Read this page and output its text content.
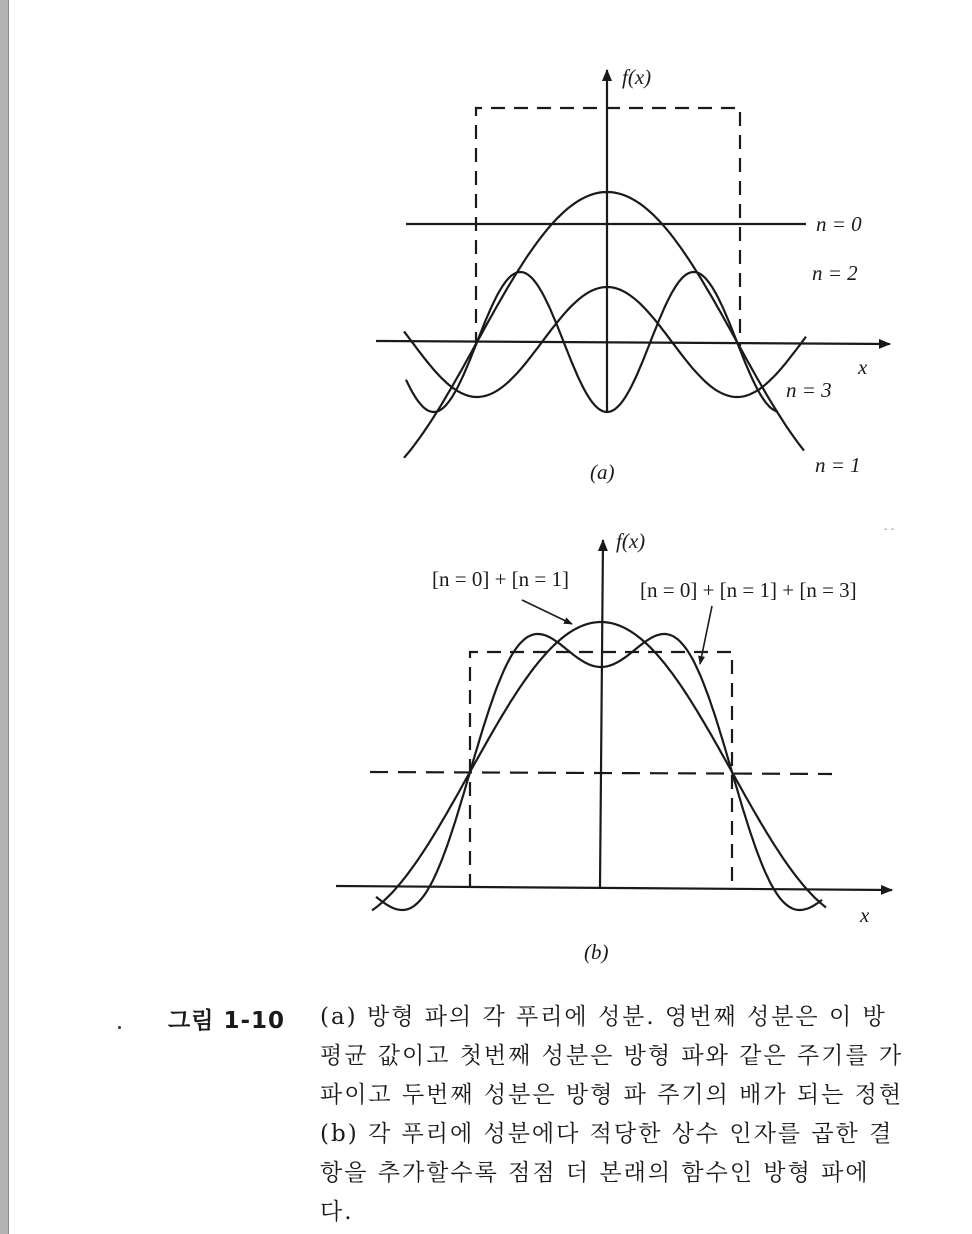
f(x)
x
(a)
n = 0
n = 2
n = 3
n = 1
f(x)
x
(b)
[n = 0] + [n = 1]	[n = 0] + [n = 1] + [n = 3]
- -
그림 1-10 (a) 방형 파의 각 푸리에 성분. 영번째 성분은 이 방
평균 값이고 첫번째 성분은 방형 파와 같은 주기를 가
파이고 두번째 성분은 방형 파 주기의 배가 되는 정현
(b) 각 푸리에 성분에다 적당한 상수 인자를 곱한 결
항을 추가할수록 점점 더 본래의 함수인 방형 파에
다.
